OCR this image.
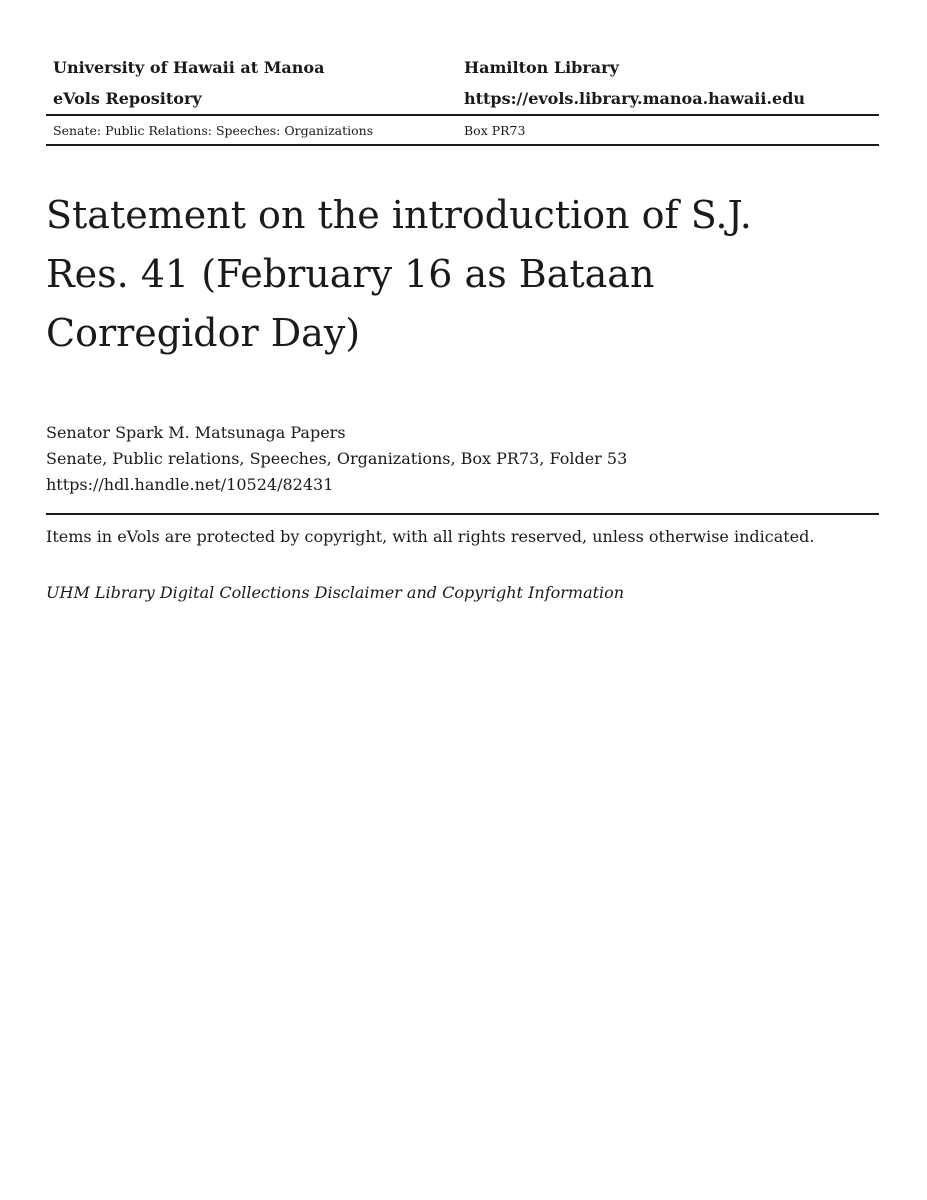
University of Hawaii at Manoa	Hamilton Library
eVols Repository	https://evols.library.manoa.hawaii.edu
Senate: Public Relations: Speeches: Organizations	Box PR73
Statement on the introduction of S.J. Res. 41 (February 16 as Bataan Corregidor Day)
Senator Spark M. Matsunaga Papers
Senate, Public relations, Speeches, Organizations, Box PR73, Folder 53
https://hdl.handle.net/10524/82431
Items in eVols are protected by copyright, with all rights reserved, unless otherwise indicated.
UHM Library Digital Collections Disclaimer and Copyright Information
